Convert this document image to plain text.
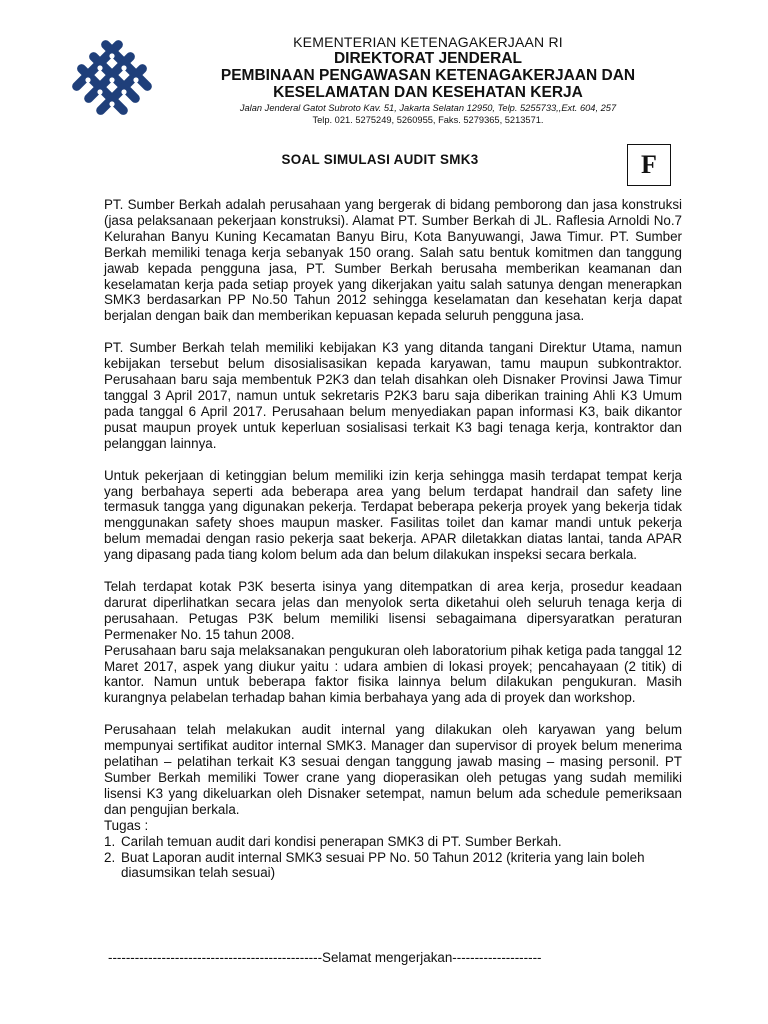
KEMENTERIAN KETENAGAKERJAAN RI
DIREKTORAT JENDERAL
PEMBINAAN PENGAWASAN KETENAGAKERJAAN DAN
KESELAMATAN DAN KESEHATAN KERJA
Jalan Jenderal Gatot Subroto Kav. 51, Jakarta Selatan 12950, Telp. 5255733,,Ext. 604, 257
Telp. 021. 5275249, 5260955, Faks. 5279365, 5213571.
SOAL SIMULASI AUDIT SMK3	F

PT. Sumber Berkah adalah perusahaan yang bergerak di bidang pemborong dan jasa konstruksi (jasa pelaksanaan pekerjaan konstruksi). Alamat PT. Sumber Berkah di JL. Raflesia Arnoldi No.7 Kelurahan Banyu Kuning Kecamatan Banyu Biru, Kota Banyuwangi, Jawa Timur. PT. Sumber Berkah memiliki tenaga kerja sebanyak 150 orang. Salah satu bentuk komitmen dan tanggung jawab kepada pengguna jasa, PT. Sumber Berkah berusaha memberikan keamanan dan keselamatan kerja pada setiap proyek yang dikerjakan yaitu salah satunya dengan menerapkan SMK3 berdasarkan PP No.50 Tahun 2012 sehingga keselamatan dan kesehatan kerja dapat berjalan dengan baik dan memberikan kepuasan kepada seluruh pengguna jasa.

PT. Sumber Berkah telah memiliki kebijakan K3 yang ditanda tangani Direktur Utama, namun kebijakan tersebut belum disosialisasikan kepada karyawan, tamu maupun subkontraktor. Perusahaan baru saja membentuk P2K3 dan telah disahkan oleh Disnaker Provinsi Jawa Timur tanggal 3 April 2017, namun untuk sekretaris P2K3 baru saja diberikan training Ahli K3 Umum pada tanggal 6 April 2017. Perusahaan belum menyediakan papan informasi K3, baik dikantor pusat maupun proyek untuk keperluan sosialisasi terkait K3 bagi tenaga kerja, kontraktor dan pelanggan lainnya.

Untuk pekerjaan di ketinggian belum memiliki izin kerja sehingga masih terdapat tempat kerja yang berbahaya seperti ada beberapa area yang belum terdapat handrail dan safety line termasuk tangga yang digunakan pekerja. Terdapat beberapa pekerja proyek yang bekerja tidak menggunakan safety shoes maupun masker. Fasilitas toilet dan kamar mandi untuk pekerja belum memadai dengan rasio pekerja saat bekerja. APAR diletakkan diatas lantai, tanda APAR yang dipasang pada tiang kolom belum ada dan belum dilakukan inspeksi secara berkala.

Telah terdapat kotak P3K beserta isinya yang ditempatkan di area kerja, prosedur keadaan darurat diperlihatkan secara jelas dan menyolok serta diketahui oleh seluruh tenaga kerja di perusahaan. Petugas P3K belum memiliki lisensi sebagaimana dipersyaratkan peraturan Permenaker No. 15 tahun 2008.

Perusahaan baru saja melaksanakan pengukuran oleh laboratorium pihak ketiga pada tanggal 12 Maret 2017, aspek yang diukur yaitu : udara ambien di lokasi proyek; pencahayaan (2 titik) di kantor. Namun untuk beberapa faktor fisika lainnya belum dilakukan pengukuran. Masih kurangnya pelabelan terhadap bahan kimia berbahaya yang ada di proyek dan workshop.

Perusahaan telah melakukan audit internal yang dilakukan oleh karyawan yang belum mempunyai sertifikat auditor internal SMK3. Manager dan supervisor di proyek belum menerima pelatihan – pelatihan terkait K3 sesuai dengan tanggung jawab masing – masing personil. PT Sumber Berkah memiliki Tower crane yang dioperasikan oleh petugas yang sudah memiliki lisensi K3 yang dikeluarkan oleh Disnaker setempat, namun belum ada schedule pemeriksaan dan pengujian berkala.

Tugas :
1. Carilah temuan audit dari kondisi penerapan SMK3 di PT. Sumber Berkah.
2. Buat Laporan audit internal SMK3 sesuai PP No. 50 Tahun 2012 (kriteria yang lain boleh diasumsikan telah sesuai)
------------------------------------------------Selamat mengerjakan--------------------
